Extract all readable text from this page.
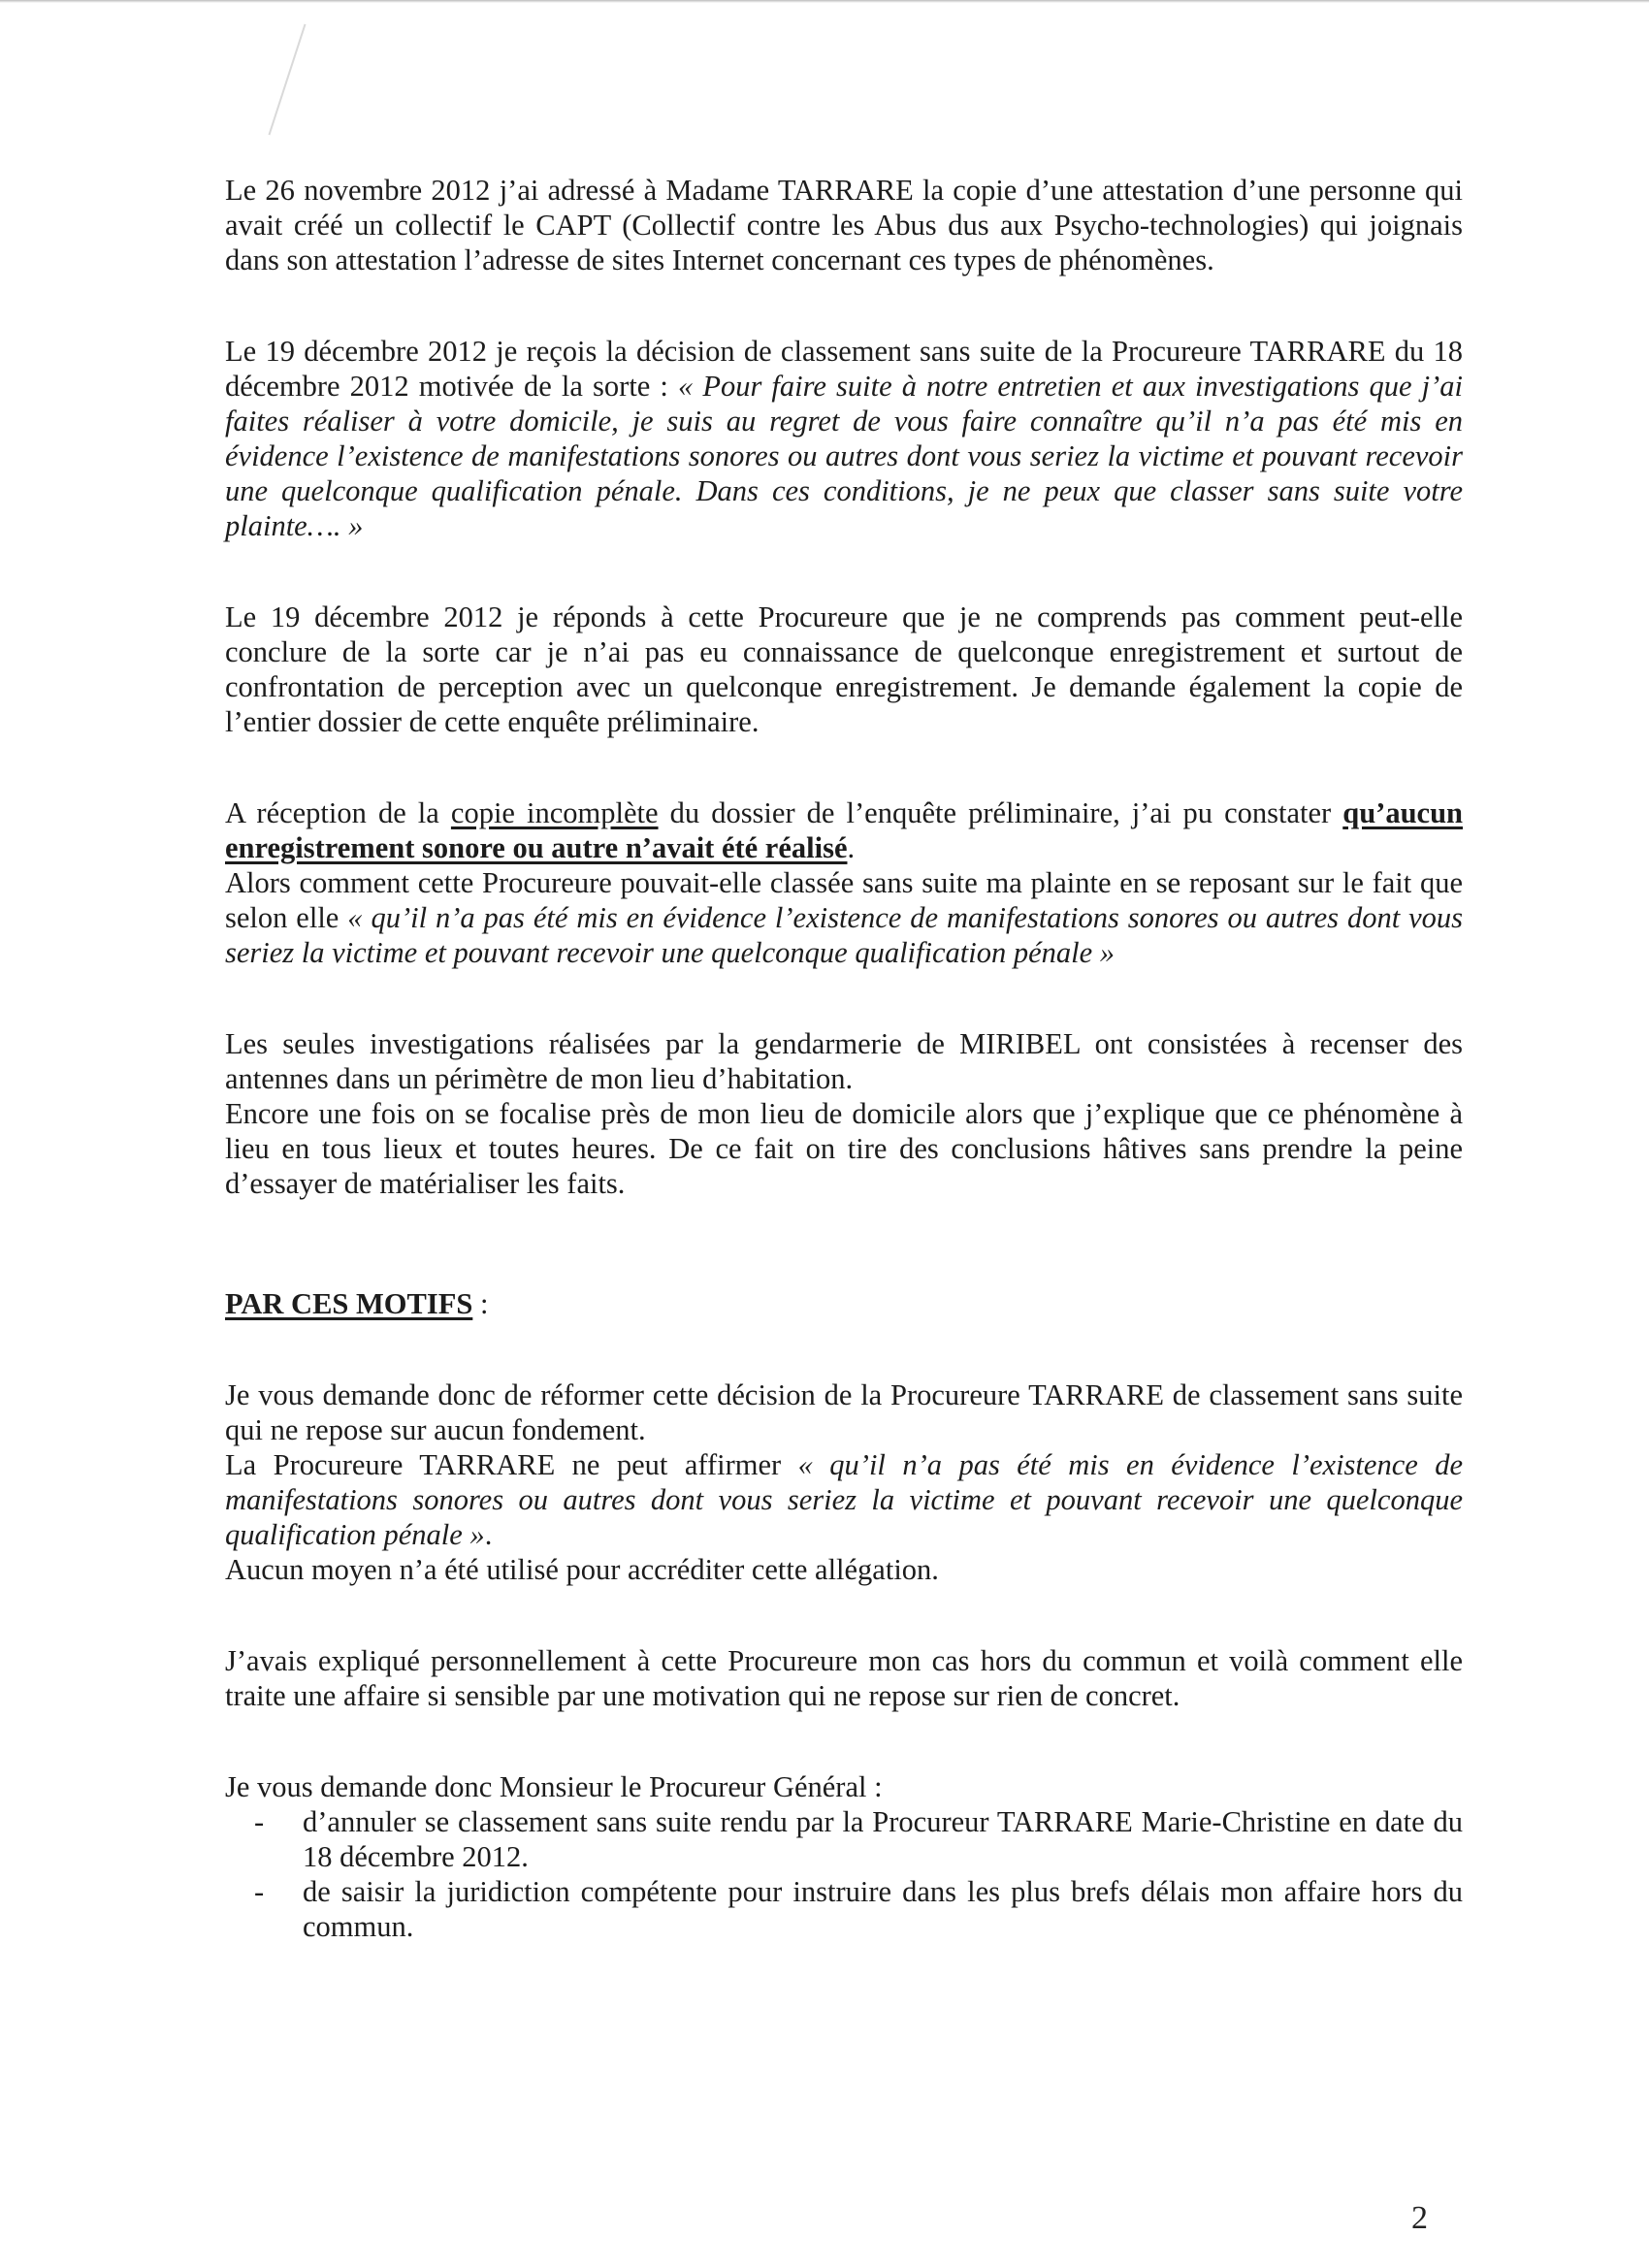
Le 26 novembre 2012 j’ai adressé à Madame TARRARE la copie d’une attestation d’une personne qui avait créé un collectif le CAPT (Collectif contre les Abus dus aux Psycho-technologies) qui joignais dans son attestation l’adresse de sites Internet concernant ces types de phénomènes.

Le 19 décembre 2012 je reçois la décision de classement sans suite de la Procureure TARRARE du 18 décembre 2012 motivée de la sorte : « Pour faire suite à notre entretien et aux investigations que j’ai faites réaliser à votre domicile, je suis au regret de vous faire connaître qu’il n’a pas été mis en évidence l’existence de manifestations sonores ou autres dont vous seriez la victime et pouvant recevoir une quelconque qualification pénale. Dans ces conditions, je ne peux que classer sans suite votre plainte…. »

Le 19 décembre 2012 je réponds à cette Procureure que je ne comprends pas comment peut-elle conclure de la sorte car je n’ai pas eu connaissance de quelconque enregistrement et surtout de confrontation de perception avec un quelconque enregistrement. Je demande également la copie de l’entier dossier de cette enquête préliminaire.

A réception de la copie incomplète du dossier de l’enquête préliminaire, j’ai pu constater qu’aucun enregistrement sonore ou autre n’avait été réalisé.

Alors comment cette Procureure pouvait-elle classée sans suite ma plainte en se reposant sur le fait que selon elle « qu’il n’a pas été mis en évidence l’existence de manifestations sonores ou autres dont vous seriez la victime et pouvant recevoir une quelconque qualification pénale »

Les seules investigations réalisées par la gendarmerie de MIRIBEL ont consistées à recenser des antennes dans un périmètre de mon lieu d’habitation.

Encore une fois on se focalise près de mon lieu de domicile alors que j’explique que ce phénomène à lieu en tous lieux et toutes heures. De ce fait on tire des conclusions hâtives sans prendre la peine d’essayer de matérialiser les faits.

PAR CES MOTIFS :

Je vous demande donc de réformer cette décision de la Procureure TARRARE de classement sans suite qui ne repose sur aucun fondement.

La Procureure TARRARE ne peut affirmer « qu’il n’a pas été mis en évidence l’existence de manifestations sonores ou autres dont vous seriez la victime et pouvant recevoir une quelconque qualification pénale ».

Aucun moyen n’a été utilisé pour accréditer cette allégation.

J’avais expliqué personnellement à cette Procureure mon cas hors du commun et voilà comment elle traite une affaire si sensible par une motivation qui ne repose sur rien de concret.

Je vous demande donc Monsieur le Procureur Général :

- d’annuler se classement sans suite rendu par la Procureur TARRARE Marie-Christine en date du 18 décembre 2012.
- de saisir la juridiction compétente pour instruire dans les plus brefs délais mon affaire hors du commun.
2
